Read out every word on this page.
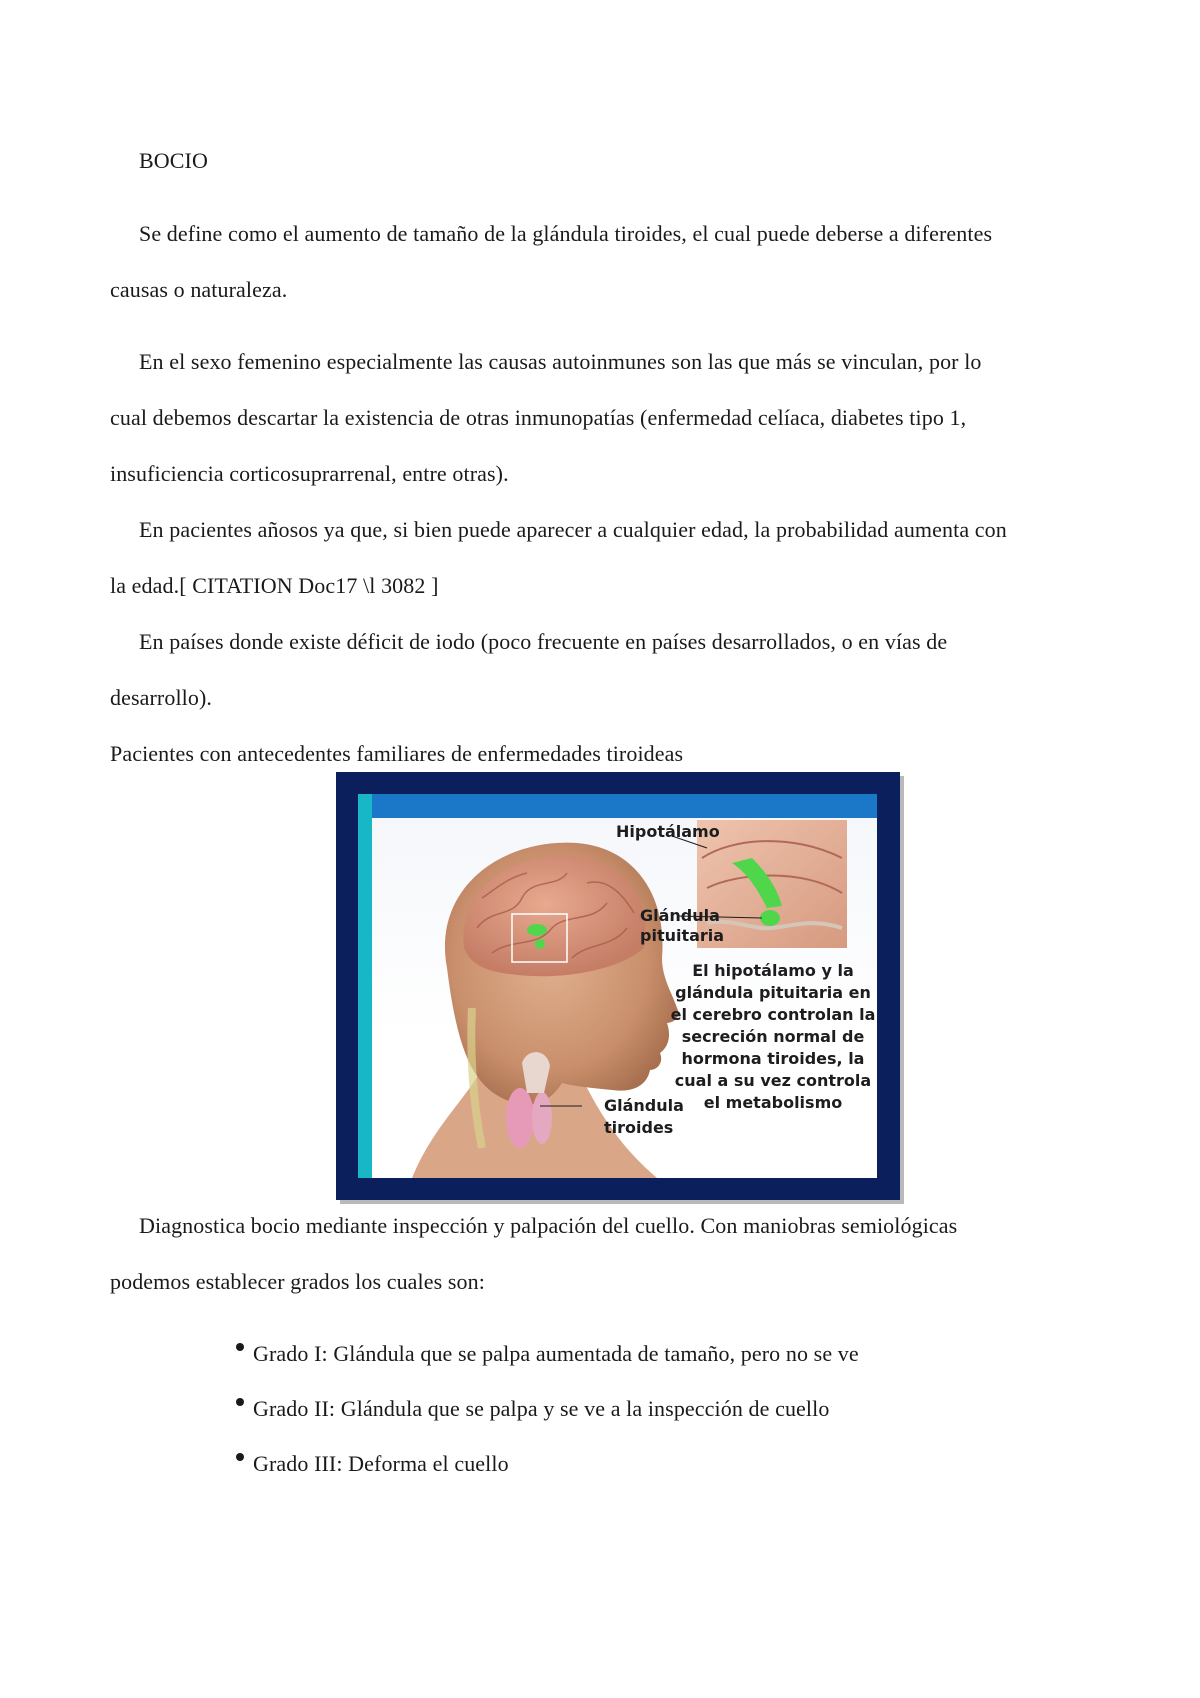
BOCIO
Se define como el aumento de tamaño de la glándula tiroides, el cual puede deberse a diferentes
causas o naturaleza.
En el sexo femenino especialmente las causas autoinmunes son las que más se vinculan, por lo
cual debemos descartar la existencia de otras inmunopatías (enfermedad celíaca, diabetes tipo 1,
insuficiencia corticosuprarrenal, entre otras).
En pacientes añosos ya que, si bien puede aparecer a cualquier edad, la probabilidad aumenta con
la edad.[ CITATION Doc17 \l 3082 ]
En países donde existe déficit de iodo (poco frecuente en países desarrollados, o en vías de
desarrollo).
Pacientes con antecedentes familiares de enfermedades tiroideas
Hipotálamo
Glándula
pituitaria
Glándula
tiroides
El hipotálamo y la
glándula pituitaria en
el cerebro controlan la
secreción normal de
hormona tiroides, la
cual a su vez controla
el metabolismo
Diagnostica bocio mediante inspección y palpación del cuello. Con maniobras semiológicas
podemos establecer grados los cuales son:
Grado I: Glándula que se palpa aumentada de tamaño, pero no se ve
Grado II: Glándula que se palpa y se ve a la inspección de cuello
Grado III: Deforma el cuello
